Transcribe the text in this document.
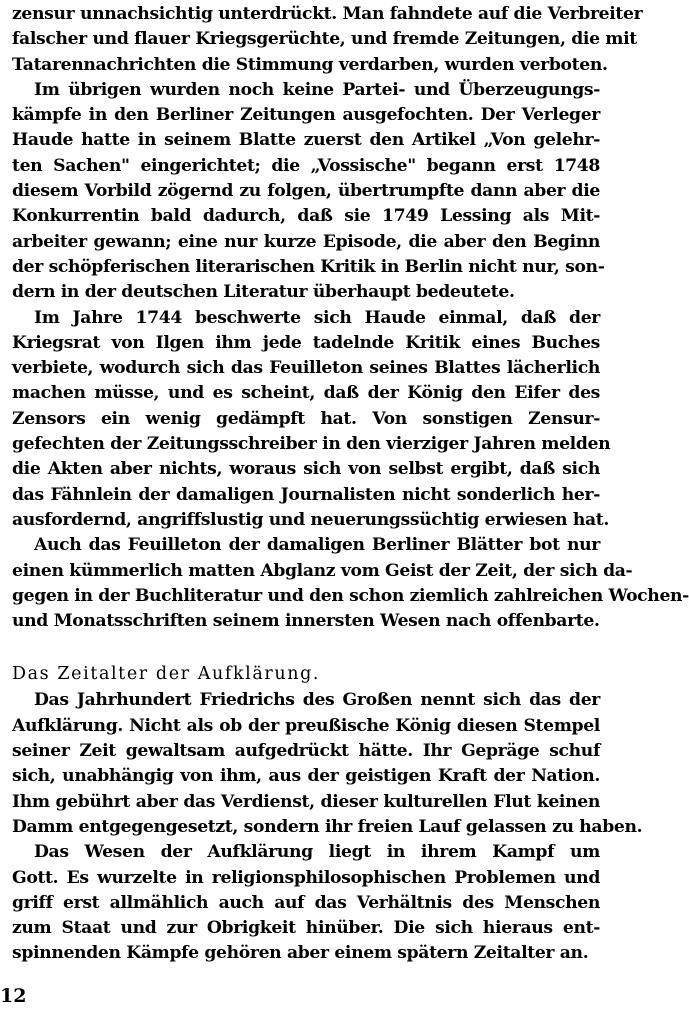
zensur unnachsichtig unterdrückt. Man fahndete auf die Verbreiter
falscher und flauer Kriegsgerüchte, und fremde Zeitungen, die mit
Tatarennachrichten die Stimmung verdarben, wurden verboten.
Im übrigen wurden noch keine Partei- und Überzeugungs-
kämpfe in den Berliner Zeitungen ausgefochten. Der Verleger
Haude hatte in seinem Blatte zuerst den Artikel „Von gelehr-
ten Sachen" eingerichtet; die „Vossische" begann erst 1748
diesem Vorbild zögernd zu folgen, übertrumpfte dann aber die
Konkurrentin bald dadurch, daß sie 1749 Lessing als Mit-
arbeiter gewann; eine nur kurze Episode, die aber den Beginn
der schöpferischen literarischen Kritik in Berlin nicht nur, son-
dern in der deutschen Literatur überhaupt bedeutete.
Im Jahre 1744 beschwerte sich Haude einmal, daß der
Kriegsrat von Ilgen ihm jede tadelnde Kritik eines Buches
verbiete, wodurch sich das Feuilleton seines Blattes lächerlich
machen müsse, und es scheint, daß der König den Eifer des
Zensors ein wenig gedämpft hat. Von sonstigen Zensur-
gefechten der Zeitungsschreiber in den vierziger Jahren melden
die Akten aber nichts, woraus sich von selbst ergibt, daß sich
das Fähnlein der damaligen Journalisten nicht sonderlich her-
ausfordernd, angriffslustig und neuerungssüchtig erwiesen hat.
Auch das Feuilleton der damaligen Berliner Blätter bot nur
einen kümmerlich matten Abglanz vom Geist der Zeit, der sich da-
gegen in der Buchliteratur und den schon ziemlich zahlreichen Wochen-
und Monatsschriften seinem innersten Wesen nach offenbarte.
Das Zeitalter der Aufklärung.
Das Jahrhundert Friedrichs des Großen nennt sich das der
Aufklärung. Nicht als ob der preußische König diesen Stempel
seiner Zeit gewaltsam aufgedrückt hätte. Ihr Gepräge schuf
sich, unabhängig von ihm, aus der geistigen Kraft der Nation.
Ihm gebührt aber das Verdienst, dieser kulturellen Flut keinen
Damm entgegengesetzt, sondern ihr freien Lauf gelassen zu haben.
Das Wesen der Aufklärung liegt in ihrem Kampf um
Gott. Es wurzelte in religionsphilosophischen Problemen und
griff erst allmählich auch auf das Verhältnis des Menschen
zum Staat und zur Obrigkeit hinüber. Die sich hieraus ent-
spinnenden Kämpfe gehören aber einem spätern Zeitalter an.
12
